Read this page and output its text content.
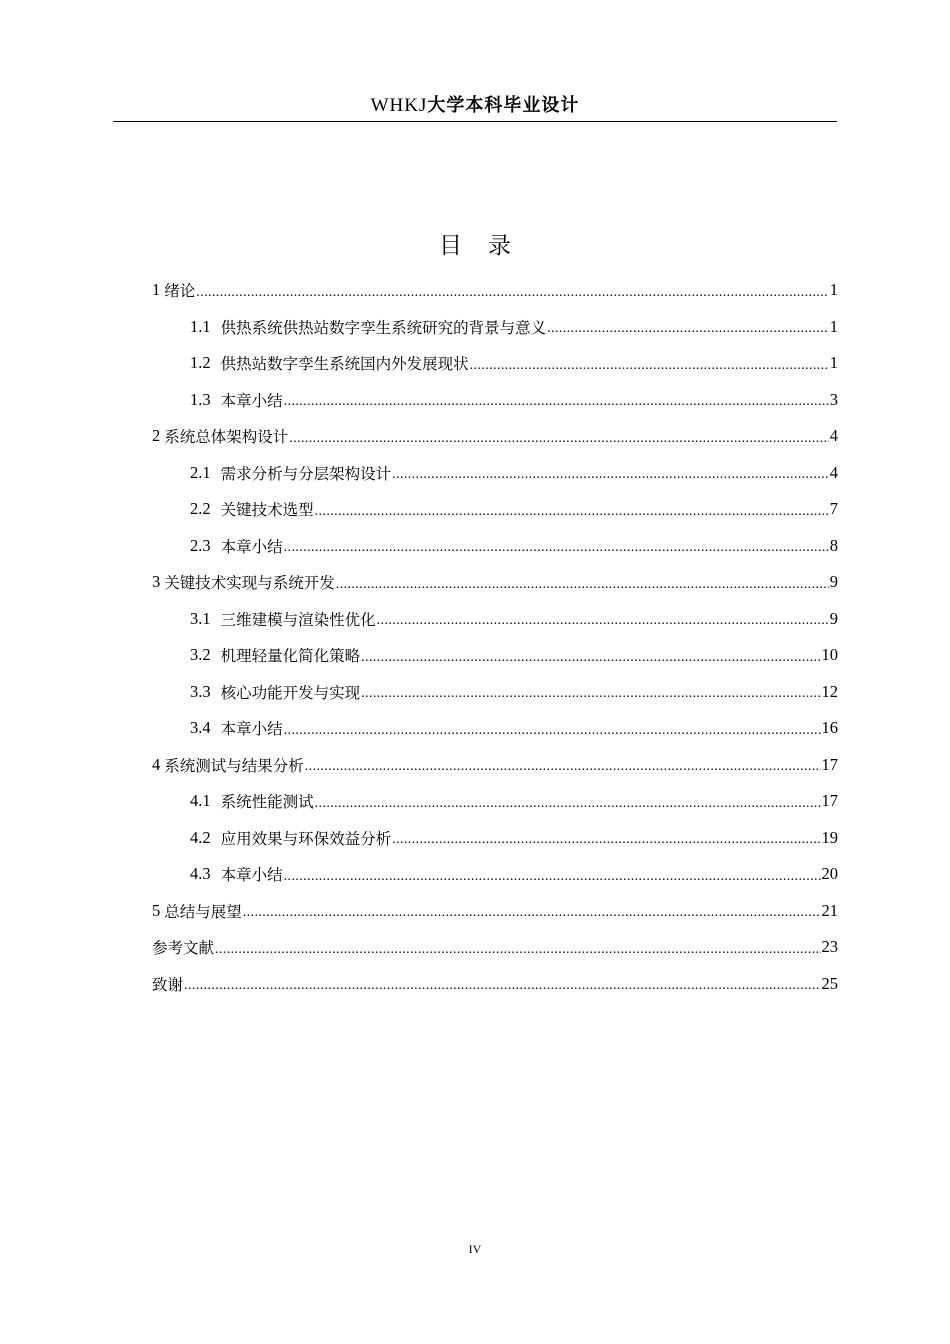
WHKJ大学本科毕业设计
目录
1 绪论 .....	1
1.1 供热系统供热站数字孪生系统研究的背景与意义 .....	1
1.2 供热站数字孪生系统国内外发展现状 .....	1
1.3 本章小结 .....	3
2 系统总体架构设计 .....	4
2.1 需求分析与分层架构设计 .....	4
2.2 关键技术选型 .....	7
2.3 本章小结 .....	8
3 关键技术实现与系统开发 .....	9
3.1 三维建模与渲染性优化 .....	9
3.2 机理轻量化简化策略 .....	10
3.3 核心功能开发与实现 .....	12
3.4 本章小结 .....	16
4 系统测试与结果分析 .....	17
4.1 系统性能测试 .....	17
4.2 应用效果与环保效益分析 .....	19
4.3 本章小结 .....	20
5 总结与展望 .....	21
参考文献 .....	23
致谢 .....	25
IV
